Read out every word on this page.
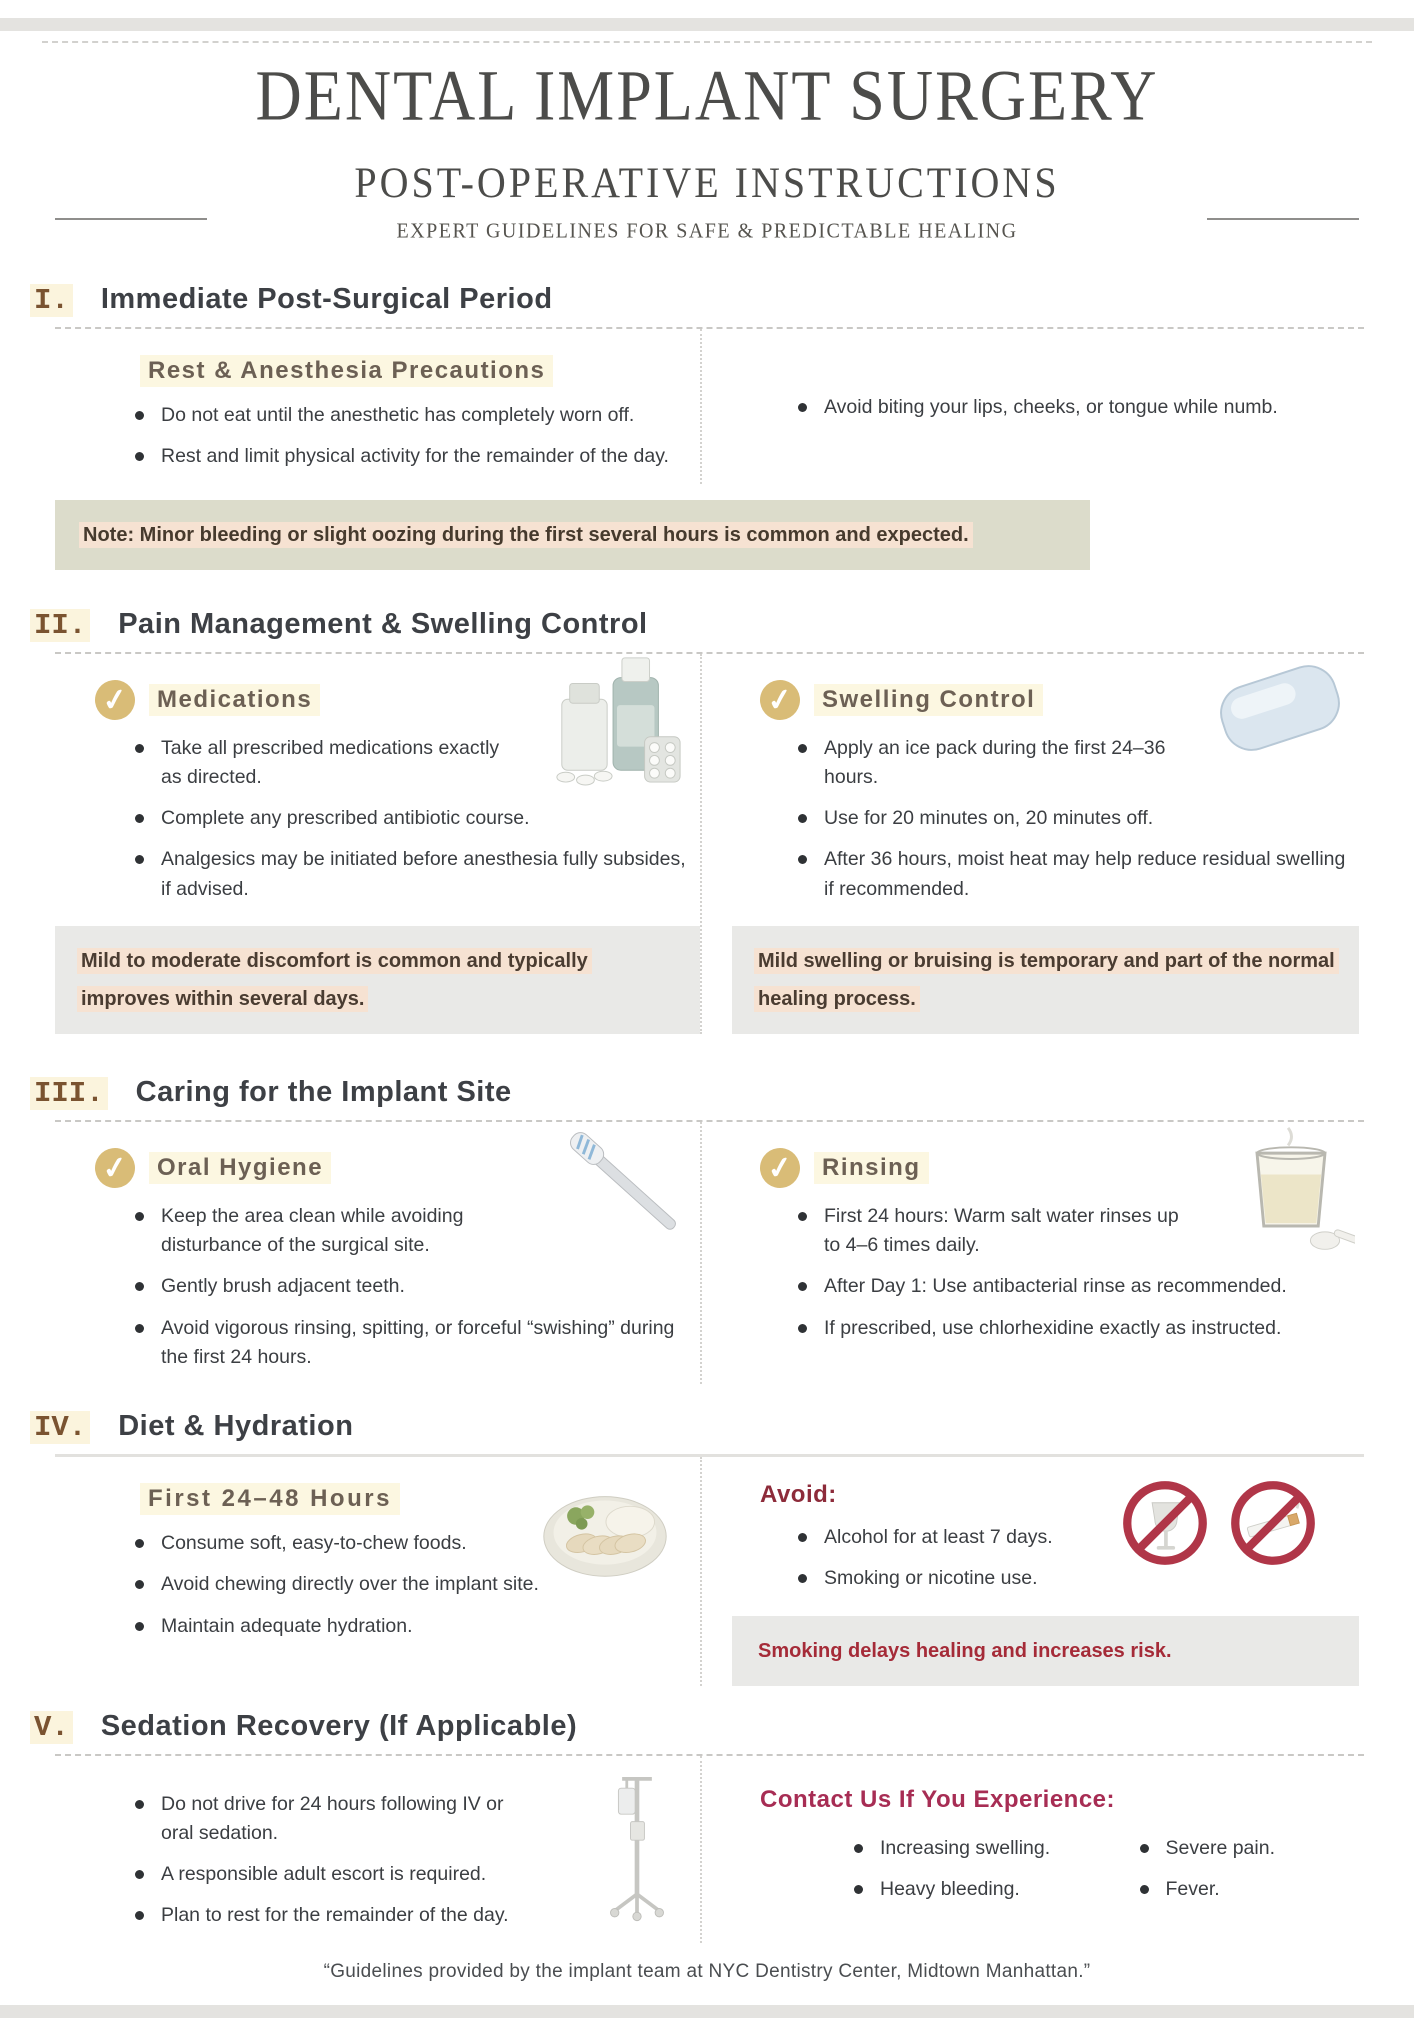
DENTAL IMPLANT SURGERY
POST-OPERATIVE INSTRUCTIONS
EXPERT GUIDELINES FOR SAFE & PREDICTABLE HEALING
I. Immediate Post-Surgical Period
Rest & Anesthesia Precautions
Do not eat until the anesthetic has completely worn off.
Rest and limit physical activity for the remainder of the day.
Avoid biting your lips, cheeks, or tongue while numb.
Note: Minor bleeding or slight oozing during the first several hours is common and expected.
II. Pain Management & Swelling Control
✓	Medications
Take all prescribed medications exactly as directed.
Complete any prescribed antibiotic course.
Analgesics may be initiated before anesthesia fully subsides, if advised.
Mild to moderate discomfort is common and typically improves within several days.
✓	Swelling Control
Apply an ice pack during the first 24–36 hours.
Use for 20 minutes on, 20 minutes off.
After 36 hours, moist heat may help reduce residual swelling if recommended.
Mild swelling or bruising is temporary and part of the normal healing process.
III. Caring for the Implant Site
✓	Oral Hygiene
Keep the area clean while avoiding disturbance of the surgical site.
Gently brush adjacent teeth.
Avoid vigorous rinsing, spitting, or forceful “swishing” during the first 24 hours.
✓	Rinsing
First 24 hours: Warm salt water rinses up to 4–6 times daily.
After Day 1: Use antibacterial rinse as recommended.
If prescribed, use chlorhexidine exactly as instructed.
IV. Diet & Hydration
First 24–48 Hours
Consume soft, easy-to-chew foods.
Avoid chewing directly over the implant site.
Maintain adequate hydration.
Avoid:
Alcohol for at least 7 days.
Smoking or nicotine use.
Smoking delays healing and increases risk.
V. Sedation Recovery (If Applicable)
Do not drive for 24 hours following IV or oral sedation.
A responsible adult escort is required.
Plan to rest for the remainder of the day.
Contact Us If You Experience:
Increasing swelling.
Heavy bleeding.
Severe pain.
Fever.
“Guidelines provided by the implant team at NYC Dentistry Center, Midtown Manhattan.”
